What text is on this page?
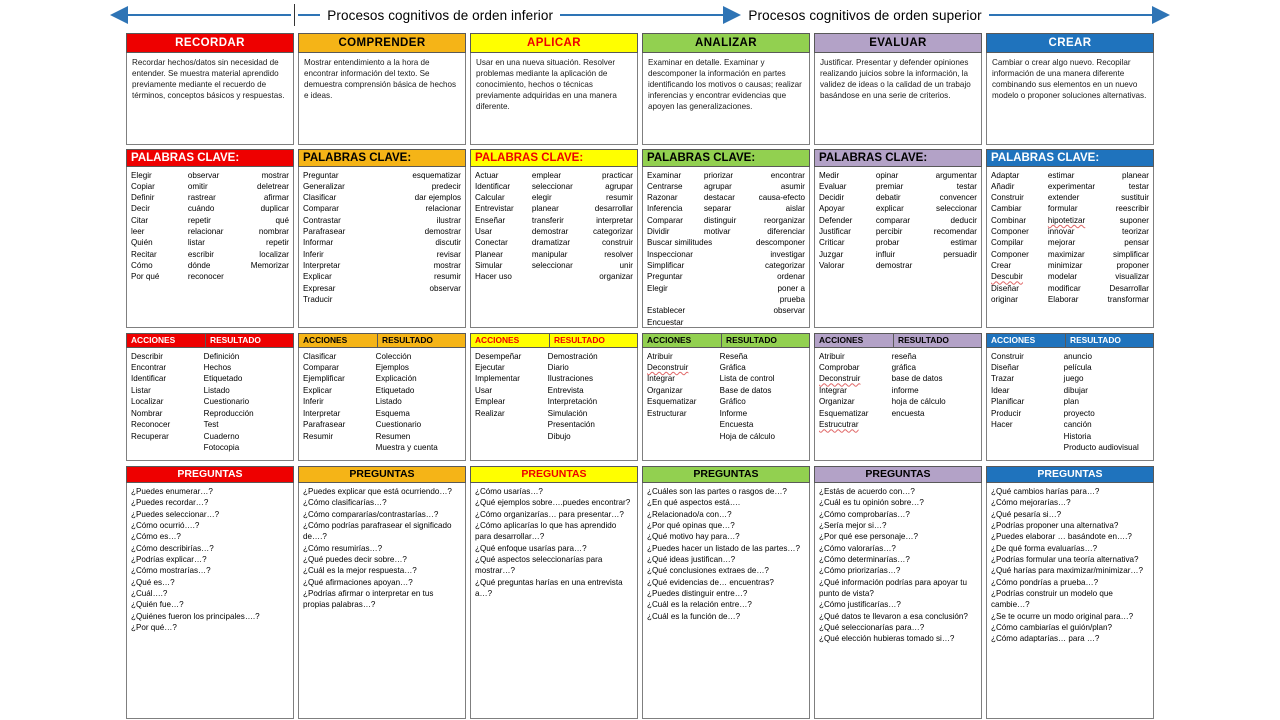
Procesos cognitivos de orden inferior	Procesos cognitivos de orden superior
RECORDAR
Recordar hechos/datos sin necesidad de entender. Se muestra material aprendido previamente mediante el recuerdo de términos, conceptos básicos y respuestas.
PALABRAS CLAVE:
Elegir	observar	mostrar
Copiar	omitir	deletrear
Definir	rastrear	afirmar
Decir	cuándo	duplicar
Citar	repetir	qué
leer	relacionar	nombrar
Quién	listar	repetir
Recitar	escribir	localizar
Cómo	dónde	Memorizar
Por qué	reconocer
ACCIONES	RESULTADO
Describir	Definición
Encontrar	Hechos
Identificar	Etiquetado
Listar	Listado
Localizar	Cuestionario
Nombrar	Reproducción
Reconocer	Test
Recuperar	Cuaderno
Fotocopia
PREGUNTAS
¿Puedes enumerar…?
¿Puedes recordar…?
¿Puedes seleccionar…?
¿Cómo ocurrió….?
¿Cómo es…?
¿Cómo describirías…?
¿Podrías explicar…?
¿Cómo mostrarías…?
¿Qué es…?
¿Cuál….?
¿Quién fue…?
¿Quiénes fueron los principales….?
¿Por qué…?
COMPRENDER
Mostrar entendimiento a la hora de encontrar información del texto. Se demuestra comprensión básica de hechos e ideas.
PALABRAS CLAVE:
Preguntar	esquematizar
Generalizar	predecir
Clasificar	dar ejemplos
Comparar	relacionar
Contrastar	ilustrar
Parafrasear	demostrar
Informar	discutir
Inferir	revisar
Interpretar	mostrar
Explicar	resumir
Expresar	observar
Traducir
ACCIONES	RESULTADO
Clasificar	Colección
Comparar	Ejemplos
Ejemplificar	Explicación
Explicar	Etiquetado
Inferir	Listado
Interpretar	Esquema
Parafrasear	Cuestionario
Resumir	Resumen
Muestra y cuenta
PREGUNTAS
¿Puedes explicar que está ocurriendo…?
¿Cómo clasificarías…?
¿Cómo compararías/contrastarías…?
¿Cómo podrías parafrasear el significado de….?
¿Cómo resumirías…?
¿Qué puedes decir sobre…?
¿Cuál es la mejor respuesta…?
¿Qué afirmaciones apoyan…?
¿Podrías afirmar o interpretar en tus propias palabras…?
APLICAR
Usar en una nueva situación. Resolver problemas mediante la aplicación de conocimiento, hechos o técnicas previamente adquiridas en una manera diferente.
PALABRAS CLAVE:
Actuar	emplear	practicar
Identificar	seleccionar	agrupar
Calcular	elegir	resumir
Entrevistar	planear	desarrollar
Enseñar	transferir	interpretar
Usar	demostrar	categorizar
Conectar	dramatizar	construir
Planear	manipular	resolver
Simular	seleccionar	unir
Hacer uso	organizar
ACCIONES	RESULTADO
Desempeñar	Demostración
Ejecutar	Diario
Implementar	Ilustraciones
Usar	Entrevista
Emplear	Interpretación
Realizar	Simulación
Presentación
Dibujo
PREGUNTAS
¿Cómo usarías…?
¿Qué ejemplos sobre….puedes encontrar?
¿Cómo organizarías… para presentar…?
¿Cómo aplicarías lo que has aprendido para desarrollar…?
¿Qué enfoque usarías para…?
¿Qué aspectos seleccionarías para mostrar…?
¿Qué preguntas harías en una entrevista a…?
ANALIZAR
Examinar en detalle. Examinar y descomponer la información en partes identificando los motivos o causas; realizar inferencias y encontrar evidencias que apoyen las generalizaciones.
PALABRAS CLAVE:
Examinar	priorizar	encontrar
Centrarse	agrupar	asumir
Razonar	destacar	causa-efecto
Inferencia	separar	aislar
Comparar	distinguir	reorganizar
Dividir	motivar	diferenciar
Buscar similitudes	descomponer
Inspeccionar	investigar
Simplificar	categorizar
Preguntar	ordenar
Elegir	poner a prueba
Establecer	observar
Encuestar
ACCIONES	RESULTADO
Atribuir	Reseña
Deconstruir	Gráfica
Integrar	Lista de control
Organizar	Base de datos
Esquematizar	Gráfico
Estructurar	Informe
Encuesta
Hoja de cálculo
PREGUNTAS
¿Cuáles son las partes o rasgos de…?
¿En qué aspectos está….
¿Relacionado/a con…?
¿Por qué opinas que…?
¿Qué motivo hay para…?
¿Puedes hacer un listado de las partes…?
¿Qué ideas justifican…?
¿Qué conclusiones extraes de…?
¿Qué evidencias de… encuentras?
¿Puedes distinguir entre…?
¿Cuál es la relación entre…?
¿Cuál es la función de…?
EVALUAR
Justificar. Presentar y defender opiniones realizando juicios sobre la información, la validez de ideas o la calidad de un trabajo basándose en una serie de criterios.
PALABRAS CLAVE:
Medir	opinar	argumentar
Evaluar	premiar	testar
Decidir	debatir	convencer
Apoyar	explicar	seleccionar
Defender	comparar	deducir
Justificar	percibir	recomendar
Criticar	probar	estimar
Juzgar	influir	persuadir
Valorar	demostrar
ACCIONES	RESULTADO
Atribuir	reseña
Comprobar	gráfica
Deconstruir	base de datos
Integrar	informe
Organizar	hoja de cálculo
Esquematizar	encuesta
Estrucutrar
PREGUNTAS
¿Estás de acuerdo con…?
¿Cuál es tu opinión sobre…?
¿Cómo comprobarías…?
¿Sería mejor si…?
¿Por qué ese personaje…?
¿Cómo valorarías…?
¿Cómo determinarías…?
¿Cómo priorizarías…?
¿Qué información podrías para apoyar tu punto de vista?
¿Cómo justificarías…?
¿Qué datos te llevaron a esa conclusión?
¿Qué seleccionarías para…?
¿Qué elección hubieras tomado si…?
CREAR
Cambiar o crear algo nuevo. Recopilar información de una manera diferente combinando sus elementos en un nuevo modelo o proponer soluciones alternativas.
PALABRAS CLAVE:
Adaptar	estimar	planear
Añadir	experimentar	testar
Construir	extender	sustituir
Cambiar	formular	reescribir
Combinar	hipotetizar	suponer
Componer	innovar	teorizar
Compilar	mejorar	pensar
Componer	maximizar	simplificar
Crear	minimizar	proponer
Descubir	modelar	visualizar
Diseñar	modificar	Desarrollar
originar	Elaborar	transformar
ACCIONES	RESULTADO
Construir	anuncio
Diseñar	película
Trazar	juego
Idear	dibujar
Planificar	plan
Producir	proyecto
Hacer	canción
Historia
Producto audiovisual
PREGUNTAS
¿Qué cambios harías para…?
¿Cómo mejorarías…?
¿Qué pesaría si…?
¿Podrías proponer una alternativa?
¿Puedes elaborar … basándote en….?
¿De qué forma evaluarías…?
¿Podrías formular una teoría alternativa?
¿Qué harías para maximizar/minimizar…?
¿Cómo pondrías a prueba…?
¿Podrías construir un modelo que cambie…?
¿Se te ocurre un modo original para…?
¿Cómo cambiarías el guión/plan?
¿Cómo adaptarías… para …?
